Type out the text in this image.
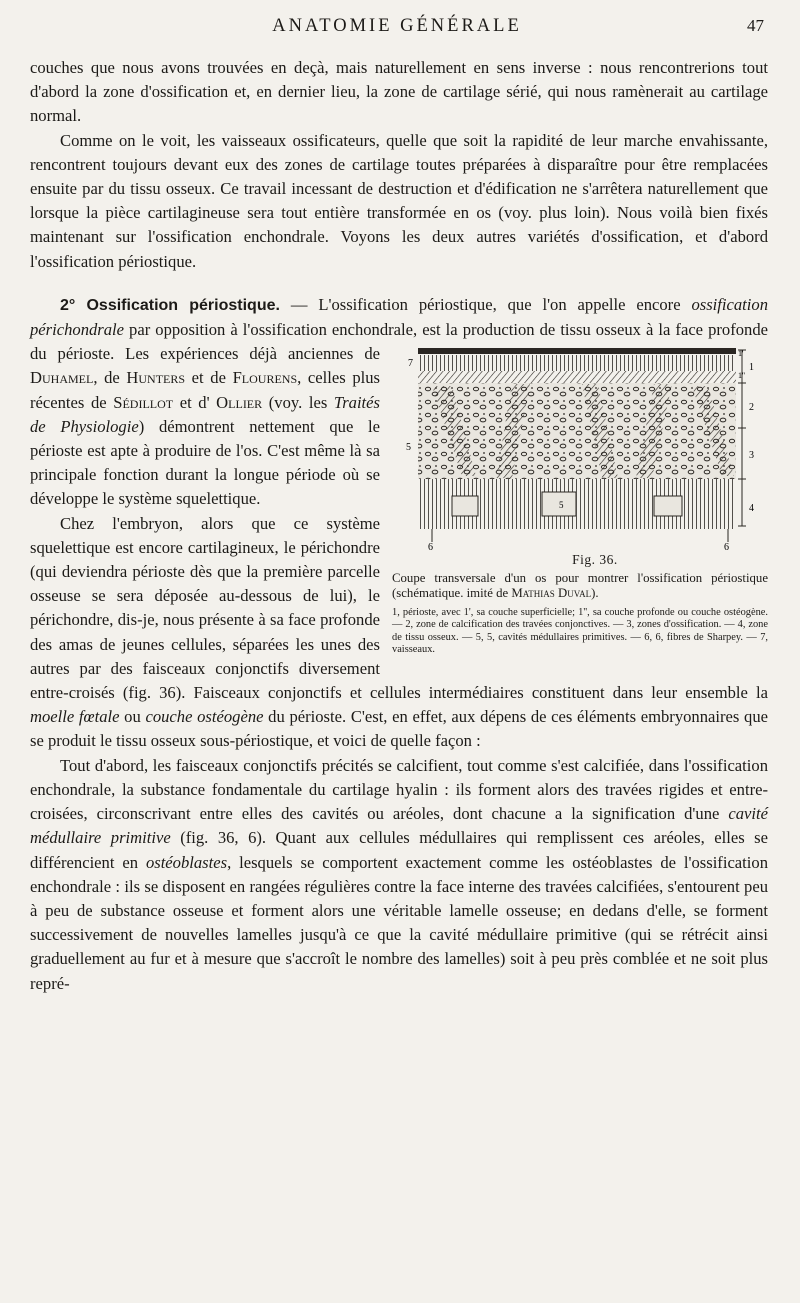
ANATOMIE GÉNÉRALE	47

couches que nous avons trouvées en deçà, mais naturellement en sens inverse : nous rencontrerions tout d'abord la zone d'ossification et, en dernier lieu, la zone de cartilage sérié, qui nous ramènerait au cartilage normal.

Comme on le voit, les vaisseaux ossificateurs, quelle que soit la rapidité de leur marche envahissante, rencontrent toujours devant eux des zones de cartilage toutes préparées à disparaître pour être remplacées ensuite par du tissu osseux. Ce travail incessant de destruction et d'édification ne s'arrêtera naturellement que lorsque la pièce cartilagineuse sera tout entière transformée en os (voy. plus loin). Nous voilà bien fixés maintenant sur l'ossification enchondrale. Voyons les deux autres variétés d'ossification, et d'abord l'ossification périostique.

2° Ossification périostique. — L'ossification périostique, que l'on appelle encore ossification périchondrale par opposition à l'ossification enchondrale, est la production de tissu osseux à la face profonde du périoste. Les expériences déjà anciennes de
1
1'
1''
2
3
4
5
5
6	6
7
Fig. 36.
Coupe transversale d'un os pour montrer l'ossification périostique (schématique. imité de Mathias Duval).
1, périoste, avec 1', sa couche superficielle; 1'', sa couche profonde ou couche ostéogène. — 2, zone de calcification des travées conjonctives. — 3, zones d'ossification. — 4, zone de tissu osseux. — 5, 5, cavités médullaires primitives. — 6, 6, fibres de Sharpey. — 7, vaisseaux.
Duhamel, de Hunters et de Flourens, celles plus récentes de Sédillot et d' Ollier (voy. les Traités de Physiologie) démontrent nettement que le périoste est apte à produire de l'os. C'est même là sa principale fonction durant la longue période où se développe le système squelettique.

Chez l'embryon, alors que ce système squelettique est encore cartilagineux, le périchondre (qui deviendra périoste dès que la première parcelle osseuse se sera déposée au-dessous de lui), le périchondre, dis-je, nous présente à sa face profonde des amas de jeunes cellules, séparées les unes des autres par des faisceaux conjonctifs diversement entre-croisés (fig. 36). Faisceaux conjonctifs et cellules intermédiaires constituent dans leur ensemble la moelle fœtale ou couche ostéogène du périoste. C'est, en effet, aux dépens de ces éléments embryonnaires que se produit le tissu osseux sous-périostique, et voici de quelle façon :

Tout d'abord, les faisceaux conjonctifs précités se calcifient, tout comme s'est calcifiée, dans l'ossification enchondrale, la substance fondamentale du cartilage hyalin : ils forment alors des travées rigides et entre-croisées, circonscrivant entre elles des cavités ou aréoles, dont chacune a la signification d'une cavité médullaire primitive (fig. 36, 6). Quant aux cellules médullaires qui remplissent ces aréoles, elles se différencient en ostéoblastes, lesquels se comportent exactement comme les ostéoblastes de l'ossification enchondrale : ils se disposent en rangées régulières contre la face interne des travées calcifiées, s'entourent peu à peu de substance osseuse et forment alors une véritable lamelle osseuse; en dedans d'elle, se forment successivement de nouvelles lamelles jusqu'à ce que la cavité médullaire primitive (qui se rétrécit ainsi graduellement au fur et à mesure que s'accroît le nombre des lamelles) soit à peu près comblée et ne soit plus repré-
